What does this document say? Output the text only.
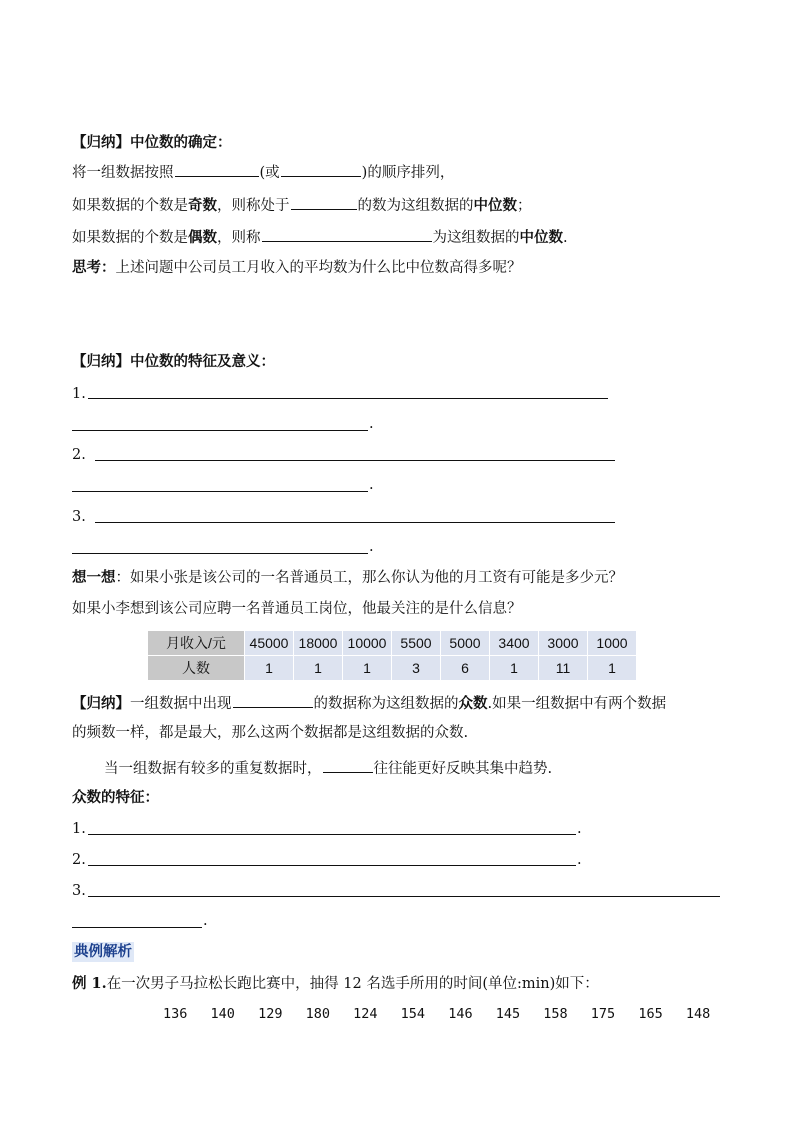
【归纳】中位数的确定：
将一组数据按照	(或	)的顺序排列，
如果数据的个数是奇数，则称处于	的数为这组数据的中位数；
如果数据的个数是偶数，则称	为这组数据的中位数.
思考：上述问题中公司员工月收入的平均数为什么比中位数高得多呢？
【归纳】中位数的特征及意义：
1.
.
2.
.
3.
.
想一想：如果小张是该公司的一名普通员工，那么你认为他的月工资有可能是多少元？
如果小李想到该公司应聘一名普通员工岗位，他最关注的是什么信息？
月收入/元	45000	18000	10000	5500	5000	3400	3000	1000
人数	1	1	1	3	6	1	11	1
【归纳】一组数据中出现	的数据称为这组数据的众数.如果一组数据中有两个数据
的频数一样，都是最大，那么这两个数据都是这组数据的众数.
当一组数据有较多的重复数据时，	往往能更好反映其集中趋势.
众数的特征：
1.	.
2.	.
3.
.
典例解析
例 1.在一次男子马拉松长跑比赛中，抽得 12 名选手所用的时间(单位:min)如下：
136 140 129 180 124 154 146 145 158 175 165 148
